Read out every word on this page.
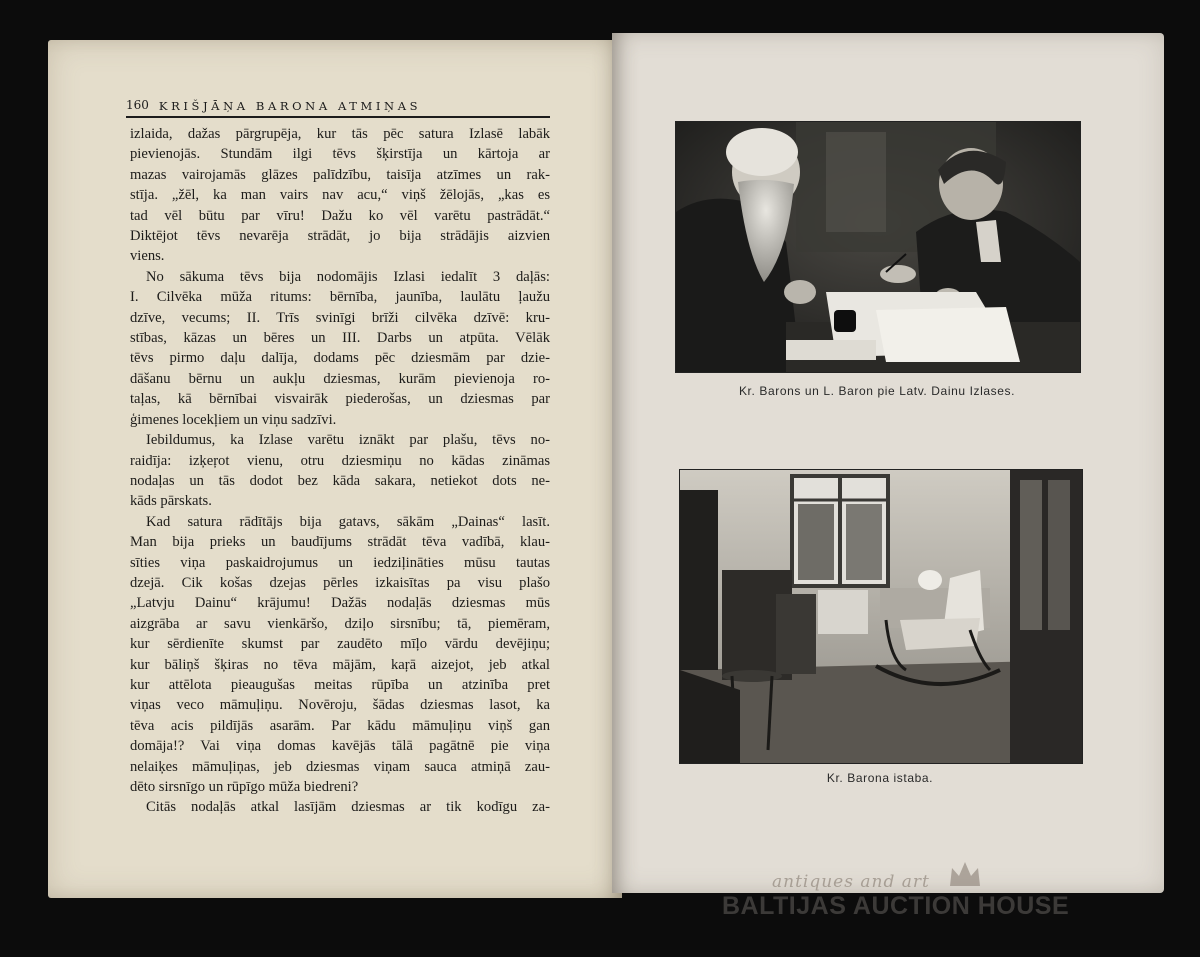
160 KRIŠJĀŅA BARONA ATMIŅAS
izlaida, dažas pārgrupēja, kur tās pēc satura Izlasē labāk
pievienojās. Stundām ilgi tēvs šķirstīja un kārtoja ar
mazas vairojamās glāzes palīdzību, taisīja atzīmes un rak-
stīja. „žēl, ka man vairs nav acu,“ viņš žēlojās, „kas es
tad vēl būtu par vīru! Dažu ko vēl varētu pastrādāt.“
Diktējot tēvs nevarēja strādāt, jo bija strādājis aizvien
viens.
No sākuma tēvs bija nodomājis Izlasi iedalīt 3 daļās:
I. Cilvēka mūža ritums: bērnība, jaunība, laulātu ļaužu
dzīve, vecums; II. Trīs svinīgi brīži cilvēka dzīvē: kru-
stības, kāzas un bēres un III. Darbs un atpūta. Vēlāk
tēvs pirmo daļu dalīja, dodams pēc dziesmām par dzie-
dāšanu bērnu un aukļu dziesmas, kurām pievienoja ro-
taļas, kā bērnībai visvairāk piederošas, un dziesmas par
ģimenes locekļiem un viņu sadzīvi.
Iebildumus, ka Izlase varētu iznākt par plašu, tēvs no-
raidīja: izķeŗot vienu, otru dziesmiņu no kādas zināmas
nodaļas un tās dodot bez kāda sakara, netiekot dots ne-
kāds pārskats.
Kad satura rādītājs bija gatavs, sākām „Dainas“ lasīt.
Man bija prieks un baudījums strādāt tēva vadībā, klau-
sīties viņa paskaidrojumus un iedziļināties mūsu tautas
dzejā. Cik košas dzejas pērles izkaisītas pa visu plašo
„Latvju Dainu“ krājumu! Dažās nodaļās dziesmas mūs
aizgrāba ar savu vienkāršo, dziļo sirsnību; tā, piemēram,
kur sērdienīte skumst par zaudēto mīļo vārdu devējiņu;
kur bāliņš šķiras no tēva mājām, kaŗā aizejot, jeb atkal
kur attēlota pieaugušas meitas rūpība un atzinība pret
viņas veco māmuļiņu. Novēroju, šādas dziesmas lasot, ka
tēva acis pildījās asarām. Par kādu māmuļiņu viņš gan
domāja!? Vai viņa domas kavējās tālā pagātnē pie viņa
nelaiķes māmuļiņas, jeb dziesmas viņam sauca atmiņā zau-
dēto sirsnīgo un rūpīgo mūža biedreni?
Citās nodaļās atkal lasījām dziesmas ar tik kodīgu za-
Kr. Barons un L. Baron pie Latv. Dainu Izlases.
Kr. Barona istaba.
antiques and art
BALTIJAS AUCTION HOUSE
